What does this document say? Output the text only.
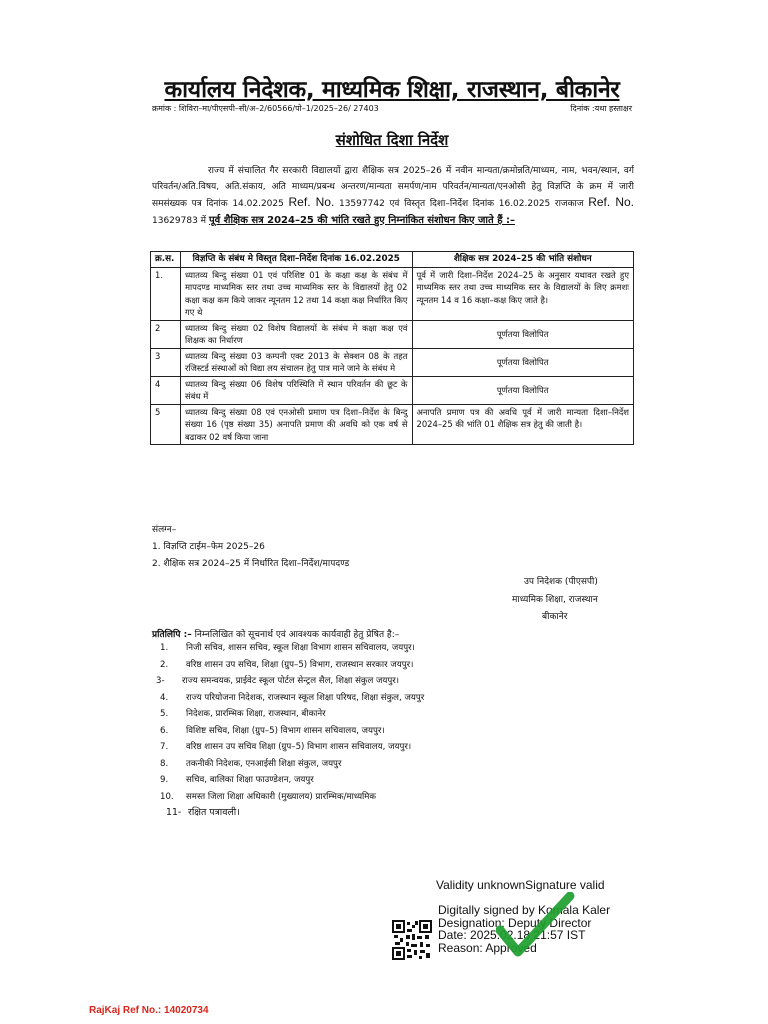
कार्यालय निदेशक, माध्यमिक शिक्षा, राजस्थान, बीकानेर
क्रमांक : शिविरा–मा/पीएसपी–सी/अ–2/60566/पो–1/2025–26/ 27403	दिनांक :यथा हस्ताक्षर
संशोधित दिशा निर्देश
राज्य में संचालित गैर सरकारी विद्यालयों द्वारा शैक्षिक सत्र 2025–26 में नवीन मान्यता/क्रमोन्नति/माध्यम, नाम, भवन/स्थान, वर्ग परिवर्तन/अति.विषय, अति.संकाय, अति माध्यम/प्रबन्ध अन्तरण/मान्यता समर्पण/नाम परिवर्तन/मान्यता/एनओसी हेतु विज्ञप्ति के क्रम में जारी समसंख्यक पत्र दिनांक 14.02.2025 Ref. No. 13597742 एवं विस्तृत दिशा–निर्देश दिनांक 16.02.2025 राजकाज Ref. No. 13629783 में पूर्व शैक्षिक सत्र 2024–25 की भांति रखते हुए निम्नांकित संशोधन किए जाते हैं :–
क्र.स.	विज्ञप्ति के संबंध मे विस्तृत दिशा–निर्देश दिनांक 16.02.2025	शैक्षिक सत्र 2024–25 की भांति संशोधन
1.	ध्यातव्य बिन्दु संख्या 01 एवं परिशिष्ट 01 के कक्षा कक्ष के संबंध में मापदण्ड माध्यमिक स्तर तथा उच्च माध्यमिक स्तर के विद्यालयों हेतु 02 कक्षा कक्ष कम किये जाकर न्यूनतम 12 तथा 14 कक्षा कक्ष निर्धारित किए गए थे	पूर्व में जारी दिशा–निर्देश 2024–25 के अनुसार यथावत रखते हुए माध्यमिक स्तर तथा उच्च माध्यमिक स्तर के विद्यालयों के लिए क्रमशः न्यूनतम 14 व 16 कक्षा–कक्ष किए जाते है।
2	ध्यातव्य बिन्दु संख्या 02 विशेष विद्यालयों के संबंध मे कक्षा कक्ष एवं शिक्षक का निर्धारण	पूर्णतया विलोपित
3	ध्यातव्य बिन्दु संख्या 03 कम्पनी एक्ट 2013 के सेक्शन 08 के तहत रजिस्टर्ड संस्थाओं को विद्या लय संचालन हेतु पात्र माने जाने के संबंध मे	पूर्णतया विलोपित
4	ध्यातव्य बिन्दु संख्या 06 विशेष परिस्थिति में स्थान परिवर्तन की छूट के संबंध में	पूर्णतया विलोपित
5	ध्यातव्य बिन्दु संख्या 08 एवं एनओसी प्रमाण पत्र दिशा–निर्देश के बिन्दु संख्या 16 (पृष्ठ संख्या 35) अनापति प्रमाण की अवधि को एक वर्ष से बढाकर 02 वर्ष किया जाना	अनापति प्रमाण पत्र की अवधि पूर्व में जारी मान्यता दिशा–निर्देश 2024–25 की भांति 01 शैक्षिक सत्र हेतु की जाती है।
संलग्न–
1. विज्ञप्ति टाईम–फेम 2025–26
2. शैक्षिक सत्र 2024–25 में निर्धारित दिशा–निर्देश/मापदण्ड
उप निदेशक (पीएसपी)
माध्यमिक शिक्षा, राजस्थान
बीकानेर
प्रतिलिपि :– निम्नलिखित को सूचनार्थ एवं आवश्यक कार्यवाही हेतु प्रेषित है:–
1.	निजी सचिव, शासन सचिव, स्कूल शिक्षा विभाग शासन सचिवालय, जयपुर।
2.	वरिष्ठ शासन उप सचिव, शिक्षा (ग्रुप–5) विभाग, राजस्थान सरकार जयपुर।
3-	राज्य समन्वयक, प्राईवेट स्कूल पोर्टल सेन्ट्रल सैल, शिक्षा संकुल जयपुर।
4.	राज्य परियोजना निदेशक, राजस्थान स्कूल शिक्षा परिषद, शिक्षा संकुल, जयपुर
5.	निदेशक, प्रारम्भिक शिक्षा, राजस्थान, बीकानेर
6.	विशिष्ट सचिव, शिक्षा (ग्रुप–5) विभाग शासन सचिवालय, जयपुर।
7.	वरिष्ठ शासन उप सचिव शिक्षा (ग्रुप–5) विभाग शासन सचिवालय, जयपुर।
8.	तकनीकी निदेशक, एनआईसी शिक्षा संकुल, जयपुर
9.	सचिव, बालिका शिक्षा फाउण्डेशन, जयपुर
10.	समस्त जिला शिक्षा अधिकारी (मुख्यालय) प्रारम्भिक/माध्यमिक
11- रक्षित पत्रावली।
Validity unknownSignature valid
Digitally signed by Komala Kaler
Designation: Deputy Director
Date: 2025.02.18 21:57 IST
Reason: Approved
RajKaj Ref No.: 14020734
